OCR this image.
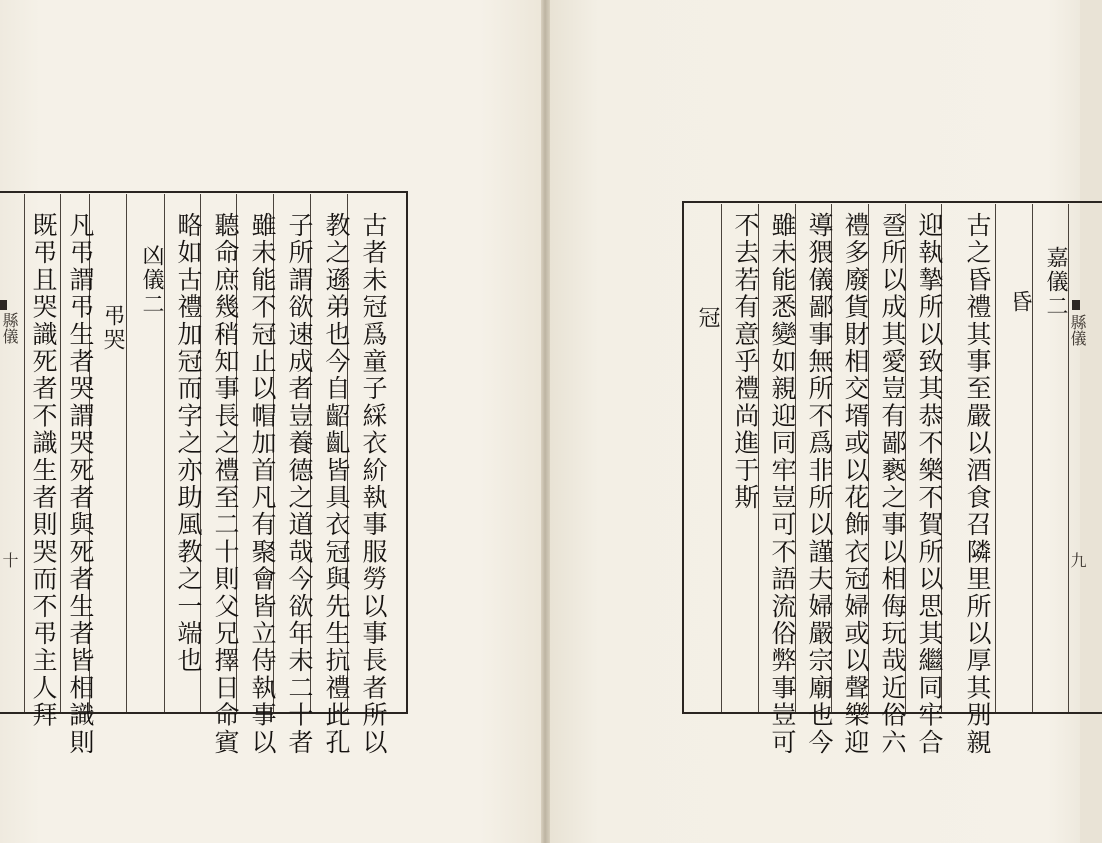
古者未冠爲童子綵衣紒執事服勞以事長者所以
教之遜弟也今自齠齓皆具衣冠與先生抗禮此孔
子所謂欲速成者豈養德之道哉今欲年未二十者
雖未能不冠止以帽加首凡有聚會皆立侍執事以
聽命庶幾稍知事長之禮至二十則父兄擇日命賓
略如古禮加冠而字之亦助風教之一端也
凶儀二
弔哭
凡弔謂弔生者哭謂哭死者與死者生者皆相識則
既弔且哭識死者不識生者則哭而不弔主人拜
縣儀
十
嘉儀二
昏
古之昏禮其事至嚴以酒食召隣里所以厚其別親
迎執摯所以致其恭不樂不賀所以思其繼同牢合
巹所以成其愛豈有鄙褻之事以相侮玩哉近俗六
禮多廢貨財相交壻或以花飾衣冠婦或以聲樂迎
導猥儀鄙事無所不爲非所以謹夫婦嚴宗廟也今
雖未能悉變如親迎同牢豈可不語流俗弊事豈可
不去若有意乎禮尚進于斯
冠	縣儀
九
